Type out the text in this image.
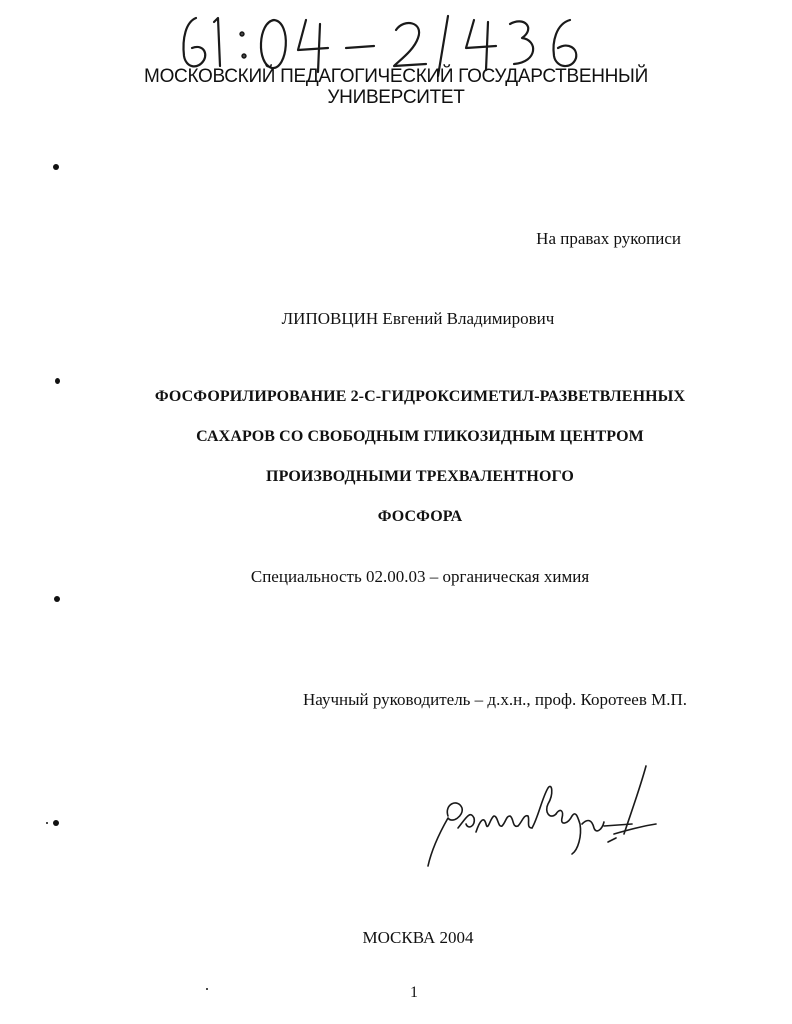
МОСКОВСКИЙ ПЕДАГОГИЧЕСКИЙ ГОСУДАРСТВЕННЫЙ
УНИВЕРСИТЕТ
На правах рукописи
ЛИПОВЦИН Евгений Владимирович
ФОСФОРИЛИРОВАНИЕ 2-С-ГИДРОКСИМЕТИЛ-РАЗВЕТВЛЕННЫХ
САХАРОВ СО СВОБОДНЫМ ГЛИКОЗИДНЫМ ЦЕНТРОМ
ПРОИЗВОДНЫМИ ТРЕХВАЛЕНТНОГО
ФОСФОРА
Специальность 02.00.03 – органическая химия
Научный руководитель – д.х.н., проф. Коротеев М.П.
МОСКВА 2004
1
